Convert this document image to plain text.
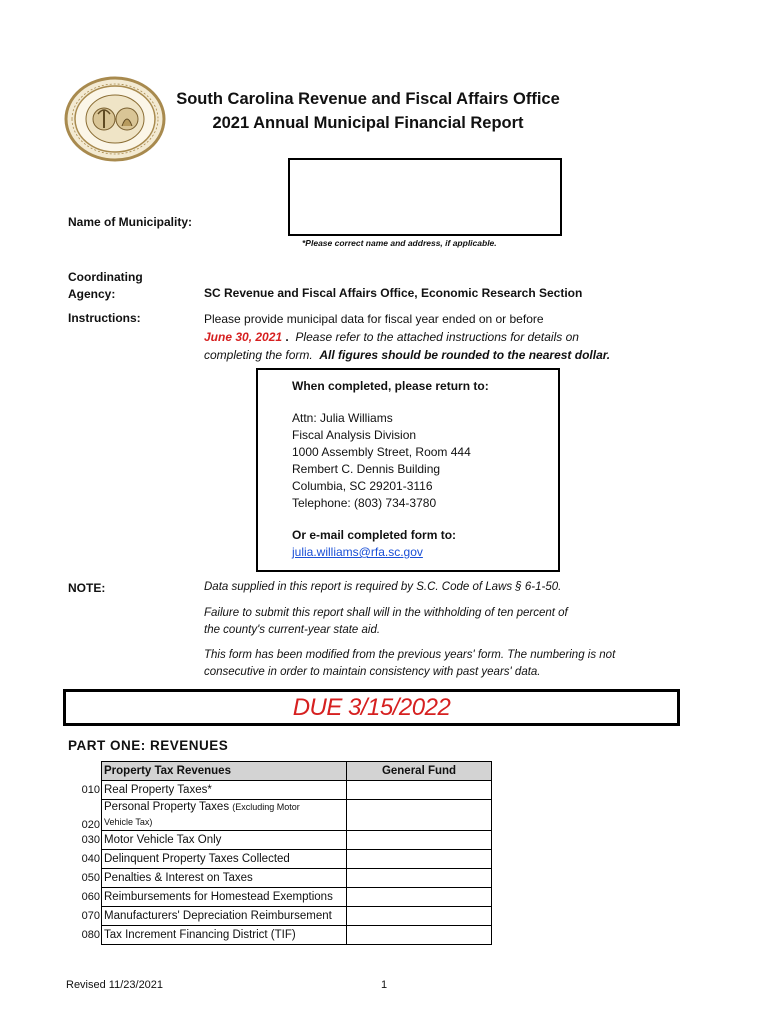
South Carolina Revenue and Fiscal Affairs Office
2021 Annual Municipal Financial Report
Name of Municipality:
*Please correct name and address, if applicable.
Coordinating
Agency:	SC Revenue and Fiscal Affairs Office, Economic Research Section
Instructions:	Please provide municipal data for fiscal year ended on or before
June 30, 2021 . Please refer to the attached instructions for details on
completing the form. All figures should be rounded to the nearest dollar.
When completed, please return to:
Attn: Julia Williams
Fiscal Analysis Division
1000 Assembly Street, Room 444
Rembert C. Dennis Building
Columbia, SC 29201-3116
Telephone: (803) 734-3780
Or e-mail completed form to:
julia.williams@rfa.sc.gov
NOTE:	Data supplied in this report is required by S.C. Code of Laws § 6-1-50.
Failure to submit this report shall will in the withholding of ten percent of
the county's current-year state aid.
This form has been modified from the previous years' form. The numbering is not
consecutive in order to maintain consistency with past years' data.
DUE 3/15/2022
PART ONE: REVENUES
	Property Tax Revenues	General Fund
010	Real Property Taxes*	
020	Personal Property Taxes (Excluding Motor
Vehicle Tax)	
030	Motor Vehicle Tax Only	
040	Delinquent Property Taxes Collected	
050	Penalties & Interest on Taxes	
060	Reimbursements for Homestead Exemptions	
070	Manufacturers' Depreciation Reimbursement	
080	Tax Increment Financing District (TIF)	
Revised 11/23/2021	1
